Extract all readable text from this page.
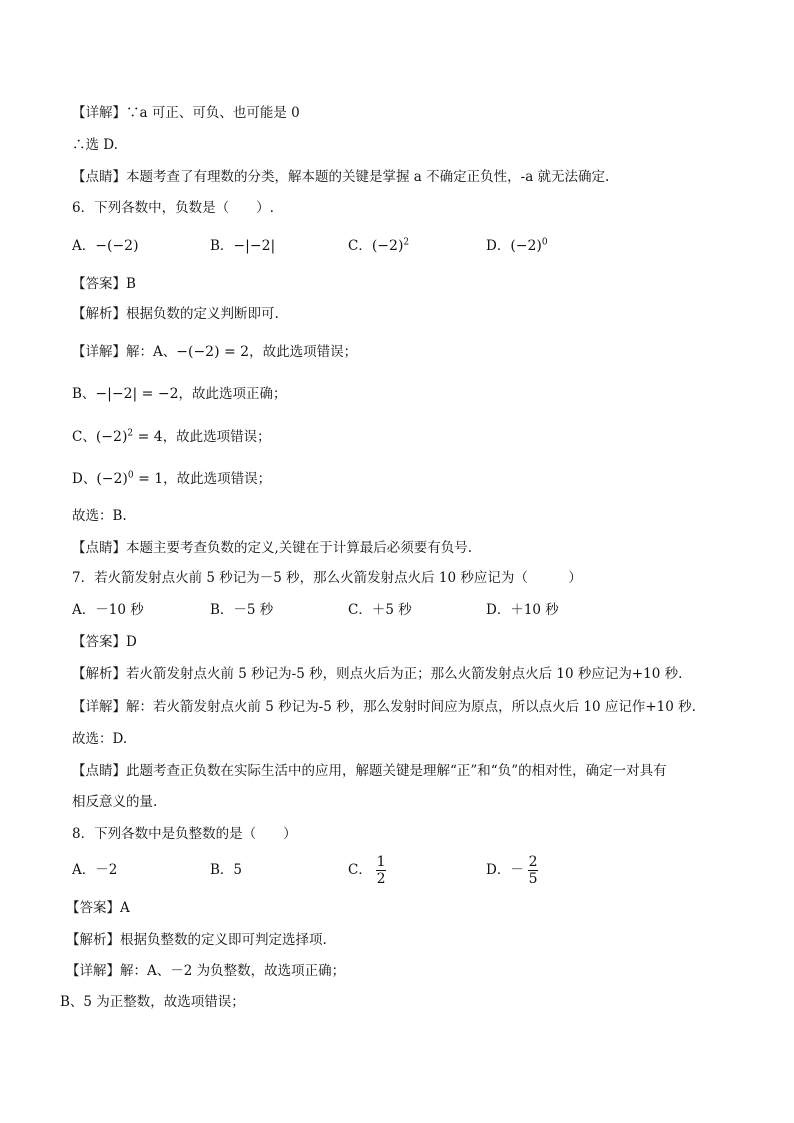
【详解】∵a 可正、可负、也可能是 0
∴选 D.
【点睛】本题考查了有理数的分类，解本题的关键是掌握 a 不确定正负性，-a 就无法确定.
6．下列各数中，负数是（　　）.
A．−(−2)	B．−|−2|	C．$(-2)^2$	D．$(-2)^0$
【答案】B
【解析】根据负数的定义判断即可.
【详解】解：A、−(−2) = 2，故此选项错误；
B、−|−2| = −2，故此选项正确；
C、$(-2)^2 = 4$，故此选项错误；
D、$(-2)^0 = 1$，故此选项错误；
故选：B.
【点睛】本题主要考查负数的定义,关键在于计算最后必须要有负号.
7．若火箭发射点火前 5 秒记为－5 秒，那么火箭发射点火后 10 秒应记为（　　　）
A．－10 秒	B．－5 秒	C．＋5 秒	D．＋10 秒
【答案】D
【解析】若火箭发射点火前 5 秒记为-5 秒，则点火后为正；那么火箭发射点火后 10 秒应记为+10 秒.
【详解】解：若火箭发射点火前 5 秒记为-5 秒，那么发射时间应为原点，所以点火后 10 应记作+10 秒.
故选：D.
【点睛】此题考查正负数在实际生活中的应用，解题关键是理解“正”和“负”的相对性，确定一对具有
相反意义的量.
8．下列各数中是负整数的是（　　）
A．－2	B．5	C． $\frac{1}{2}$	D．－ $\frac{2}{5}$
【答案】A
【解析】根据负整数的定义即可判定选择项.
【详解】解：A、－2 为负整数，故选项正确；
B、5 为正整数，故选项错误；
